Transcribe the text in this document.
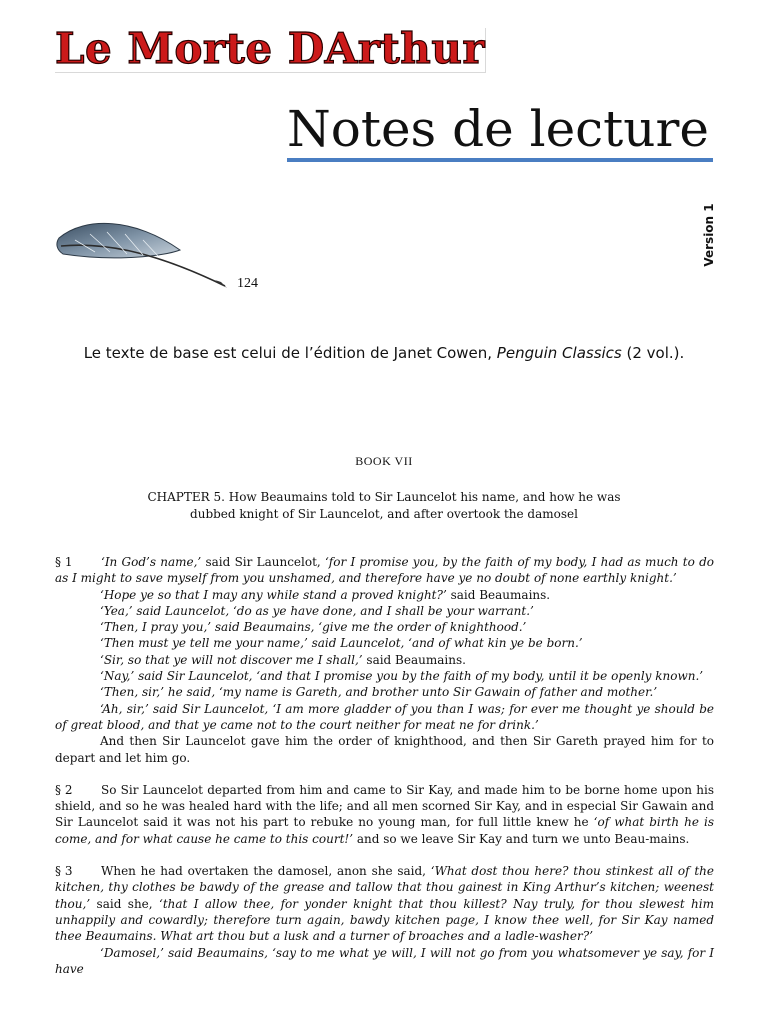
Le Morte DArthur
Notes de lecture
Version 1
124
Le texte de base est celui de l’édition de Janet Cowen, Penguin Classics (2 vol.).
BOOK VII
CHAPTER 5. How Beaumains told to Sir Launcelot his name, and how he was dubbed knight of Sir Launcelot, and after overtook the damosel

§ 1 ‘In God’s name,’ said Sir Launcelot, ‘for I promise you, by the faith of my body, I had as much to do as I might to save myself from you unshamed, and therefore have ye no doubt of none earthly knight.’

‘Hope ye so that I may any while stand a proved knight?’ said Beaumains.

‘Yea,’ said Launcelot, ‘do as ye have done, and I shall be your warrant.’

‘Then, I pray you,’ said Beaumains, ‘give me the order of knighthood.’

‘Then must ye tell me your name,’ said Launcelot, ‘and of what kin ye be born.’

‘Sir, so that ye will not discover me I shall,’ said Beaumains.

‘Nay,’ said Sir Launcelot, ‘and that I promise you by the faith of my body, until it be openly known.’

‘Then, sir,’ he said, ‘my name is Gareth, and brother unto Sir Gawain of father and mother.’

‘Ah, sir,’ said Sir Launcelot, ‘I am more gladder of you than I was; for ever me thought ye should be of great blood, and that ye came not to the court neither for meat ne for drink.’

And then Sir Launcelot gave him the order of knighthood, and then Sir Gareth prayed him for to depart and let him go.

§ 2 So Sir Launcelot departed from him and came to Sir Kay, and made him to be borne home upon his shield, and so he was healed hard with the life; and all men scorned Sir Kay, and in especial Sir Gawain and Sir Launcelot said it was not his part to rebuke no young man, for full little knew he ‘of what birth he is come, and for what cause he came to this court!’ and so we leave Sir Kay and turn we unto Beau-mains.

§ 3 When he had overtaken the damosel, anon she said, ‘What dost thou here? thou stinkest all of the kitchen, thy clothes be bawdy of the grease and tallow that thou gainest in King Arthur’s kitchen; weenest thou,’ said she, ‘that I allow thee, for yonder knight that thou killest? Nay truly, for thou slewest him unhappily and cowardly; therefore turn again, bawdy kitchen page, I know thee well, for Sir Kay named thee Beaumains. What art thou but a lusk and a turner of broaches and a ladle-washer?’

‘Damosel,’ said Beaumains, ‘say to me what ye will, I will not go from you whatsomever ye say, for I have
